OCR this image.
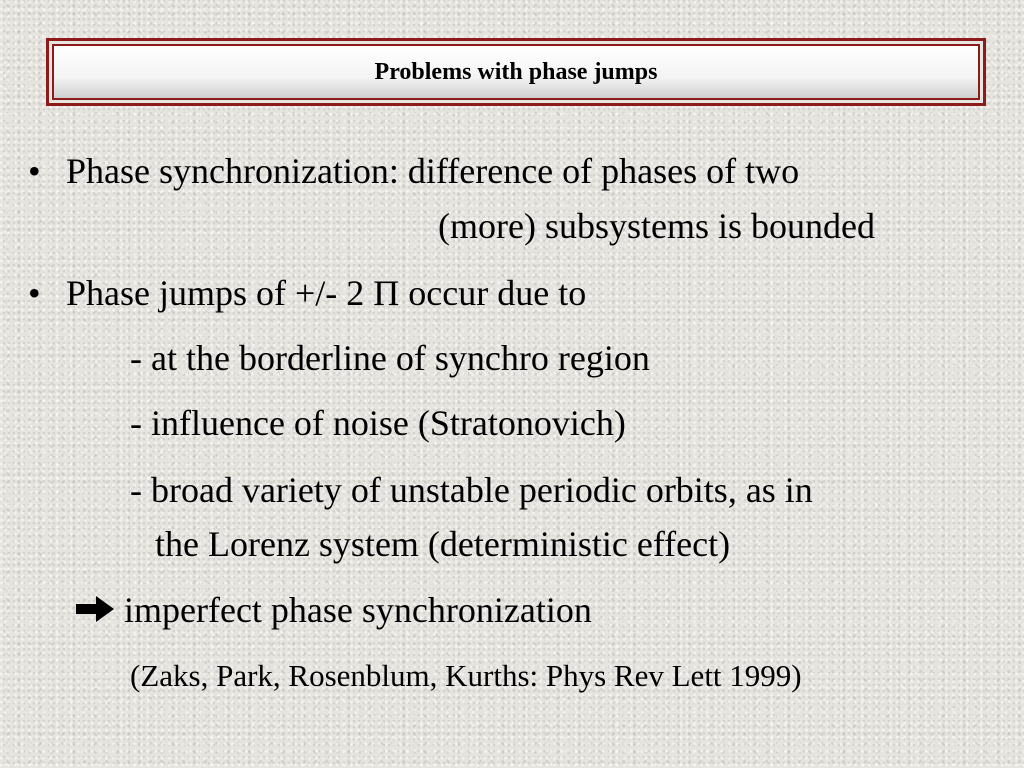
Problems with phase jumps
• Phase synchronization: difference of phases of two
(more) subsystems is bounded
• Phase jumps of +/- 2 Π occur due to
- at the borderline of synchro region
- influence of noise (Stratonovich)
- broad variety of unstable periodic orbits, as in
the Lorenz system (deterministic effect)
imperfect phase synchronization
(Zaks, Park, Rosenblum, Kurths: Phys Rev Lett 1999)
